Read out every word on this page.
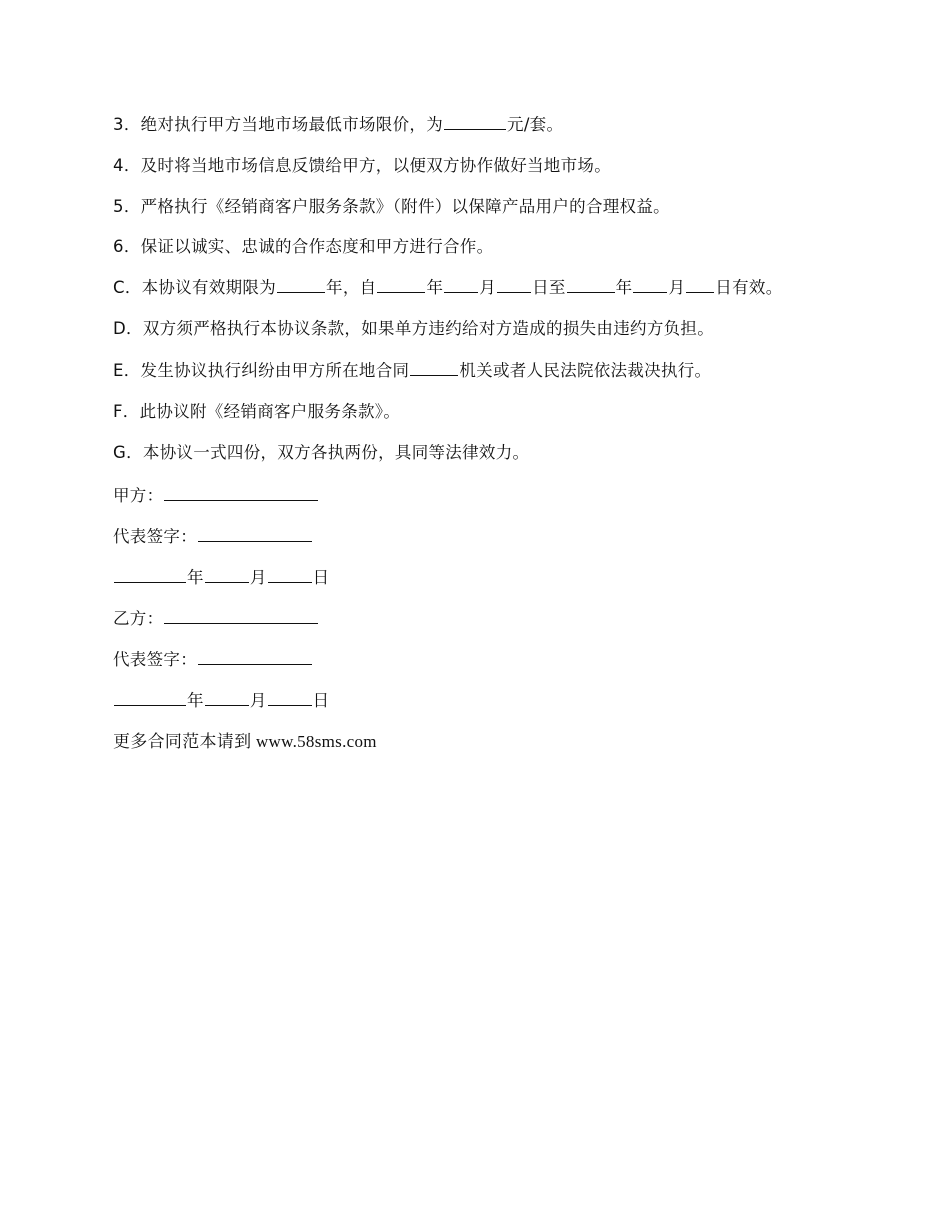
3．绝对执行甲方当地市场最低市场限价，为	元/套。
4．及时将当地市场信息反馈给甲方，以便双方协作做好当地市场。
5．严格执行《经销商客户服务条款》（附件）以保障产品用户的合理权益。
6．保证以诚实、忠诚的合作态度和甲方进行合作。
C．本协议有效期限为	年，自	年 月 日至	年 月 日有效。
D．双方须严格执行本协议条款，如果单方违约给对方造成的损失由违约方负担。
E．发生协议执行纠纷由甲方所在地合同	机关或者人民法院依法裁决执行。
F．此协议附《经销商客户服务条款》。
G．本协议一式四份，双方各执两份，具同等法律效力。
甲方：
代表签字：
年	月	日
乙方：
代表签字：
年	月	日
更多合同范本请到 www.58sms.com
